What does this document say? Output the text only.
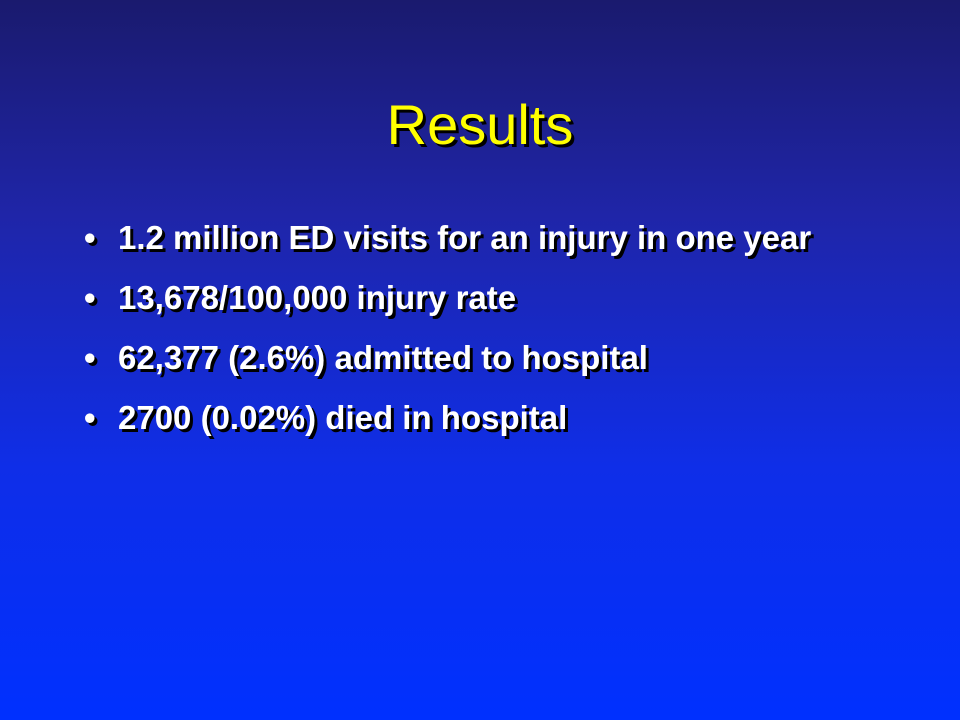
Results
• 1.2 million ED visits for an injury in one year
• 13,678/100,000 injury rate
• 62,377 (2.6%) admitted to hospital
• 2700 (0.02%) died in hospital
